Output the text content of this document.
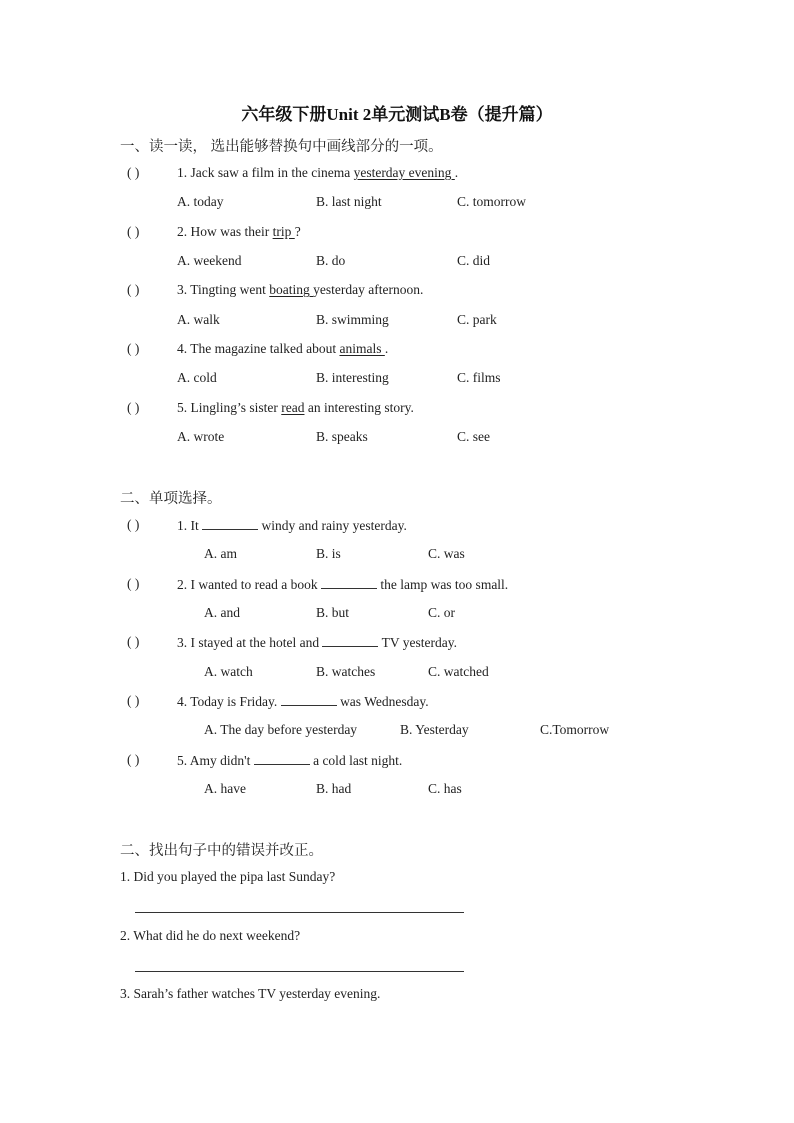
六年级下册Unit 2单元测试B卷（提升篇）
一、读一读， 选出能够替换句中画线部分的一项。
( )	1. Jack saw a film in the cinema yesterday evening .
A. today	B. last night	C. tomorrow
( )	2. How was their trip ?
A. weekend	B. do	C. did
( )	3. Tingting went boating yesterday afternoon.
A. walk	B. swimming	C. park
( )	4. The magazine talked about animals .
A. cold	B. interesting	C. films
( )	5. Lingling’s sister read an interesting story.
A. wrote	B. speaks	C. see
二、单项选择。
( )	1. It	windy and rainy yesterday.
A. am	B. is	C. was
( )	2. I wanted to read a book	the lamp was too small.
A. and	B. but	C. or
( )	3. I stayed at the hotel and	TV yesterday.
A. watch	B. watches	C. watched
( )	4. Today is Friday.	was Wednesday.
A. The day before yesterday	B. Yesterday	C.Tomorrow
( )	5. Amy didn't	a cold last night.
A. have	B. had	C. has
二、找出句子中的错误并改正。
1. Did you played the pipa last Sunday?
2. What did he do next weekend?
3. Sarah’s father watches TV yesterday evening.
